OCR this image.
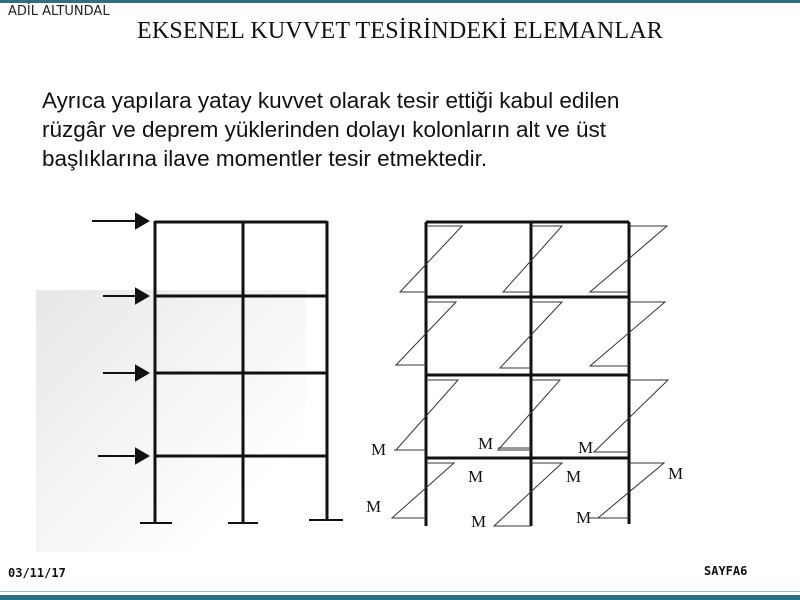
ADİL ALTUNDAL
EKSENEL KUVVET TESİRİNDEKİ ELEMANLAR
Ayrıca yapılara yatay kuvvet olarak tesir ettiği kabul edilen
rüzgâr ve deprem yüklerinden dolayı kolonların alt ve üst
başlıklarına ilave momentler tesir etmektedir.
M	M	M
M	M	M
M
M	M
03/11/17	SAYFA6
